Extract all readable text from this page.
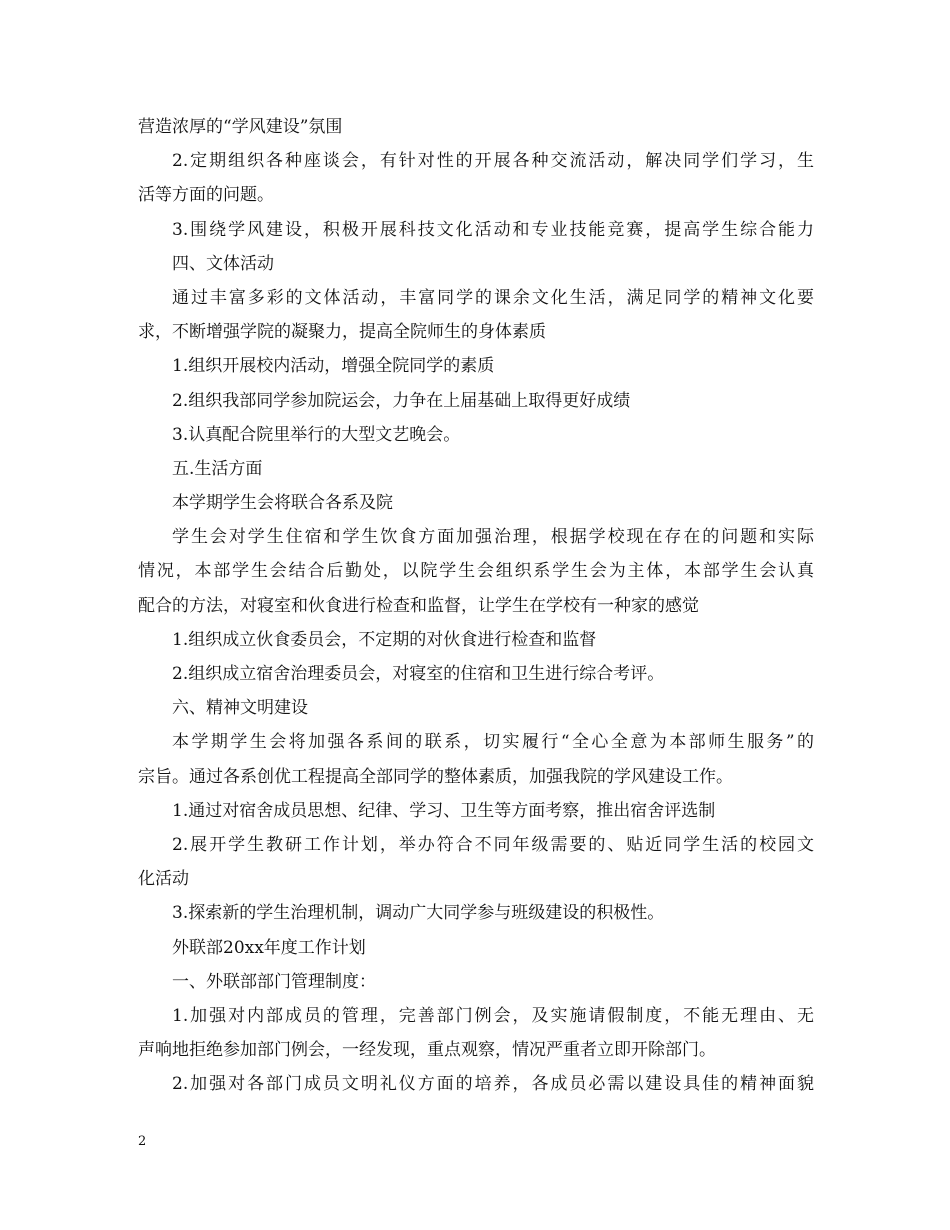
营造浓厚的“学风建设”氛围
2.定期组织各种座谈会，有针对性的开展各种交流活动，解决同学们学习，生
活等方面的问题。
3.围绕学风建设，积极开展科技文化活动和专业技能竞赛，提高学生综合能力
四、文体活动
通过丰富多彩的文体活动，丰富同学的课余文化生活，满足同学的精神文化要
求，不断增强学院的凝聚力，提高全院师生的身体素质
1.组织开展校内活动，增强全院同学的素质
2.组织我部同学参加院运会，力争在上届基础上取得更好成绩
3.认真配合院里举行的大型文艺晚会。
五.生活方面
本学期学生会将联合各系及院
学生会对学生住宿和学生饮食方面加强治理，根据学校现在存在的问题和实际
情况，本部学生会结合后勤处，以院学生会组织系学生会为主体，本部学生会认真
配合的方法，对寝室和伙食进行检查和监督，让学生在学校有一种家的感觉
1.组织成立伙食委员会，不定期的对伙食进行检查和监督
2.组织成立宿舍治理委员会，对寝室的住宿和卫生进行综合考评。
六、精神文明建设
本学期学生会将加强各系间的联系，切实履行“全心全意为本部师生服务”的
宗旨。通过各系创优工程提高全部同学的整体素质，加强我院的学风建设工作。
1.通过对宿舍成员思想、纪律、学习、卫生等方面考察，推出宿舍评选制
2.展开学生教研工作计划，举办符合不同年级需要的、贴近同学生活的校园文
化活动
3.探索新的学生治理机制，调动广大同学参与班级建设的积极性。
外联部20xx年度工作计划
一、外联部部门管理制度：
1.加强对内部成员的管理，完善部门例会，及实施请假制度，不能无理由、无
声响地拒绝参加部门例会，一经发现，重点观察，情况严重者立即开除部门。
2.加强对各部门成员文明礼仪方面的培养，各成员必需以建设具佳的精神面貌
2
